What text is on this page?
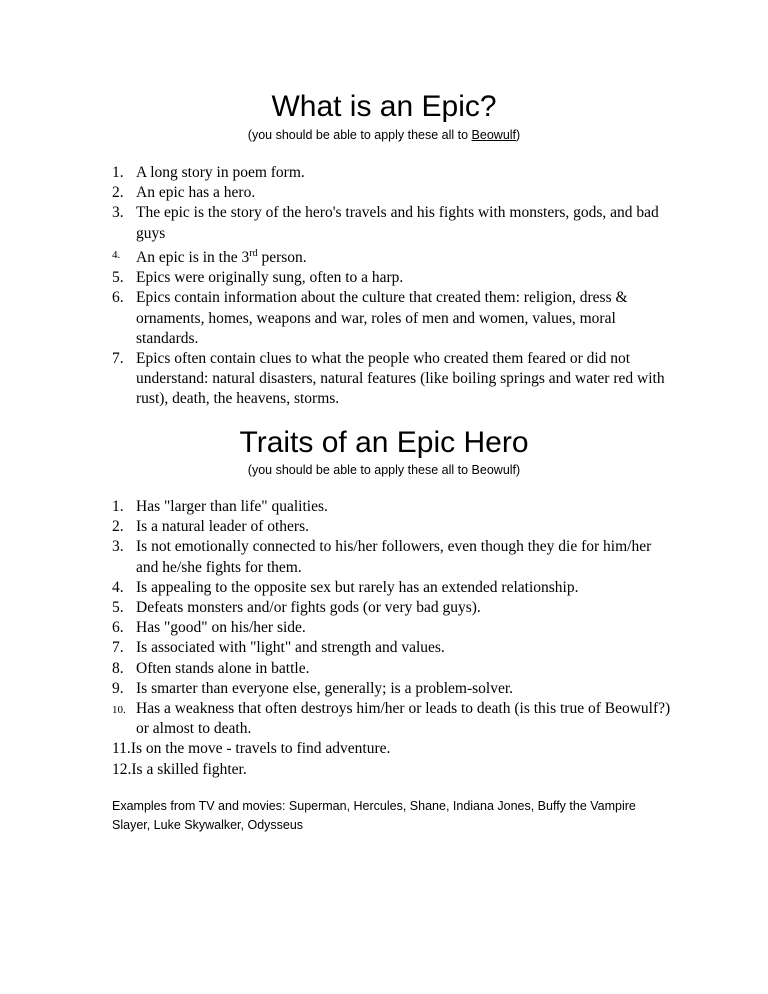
What is an Epic?

(you should be able to apply these all to Beowulf)

1. A long story in poem form.
2. An epic has a hero.
3. The epic is the story of the hero's travels and his fights with monsters, gods, and bad guys
4. An epic is in the 3rd person.
5. Epics were originally sung, often to a harp.
6. Epics contain information about the culture that created them: religion, dress & ornaments, homes, weapons and war, roles of men and women, values, moral standards.
7. Epics often contain clues to what the people who created them feared or did not understand: natural disasters, natural features (like boiling springs and water red with rust), death, the heavens, storms.
Traits of an Epic Hero

(you should be able to apply these all to Beowulf)

1. Has "larger than life" qualities.
2. Is a natural leader of others.
3. Is not emotionally connected to his/her followers, even though they die for him/her and he/she fights for them.
4. Is appealing to the opposite sex but rarely has an extended relationship.
5. Defeats monsters and/or fights gods (or very bad guys).
6. Has "good" on his/her side.
7. Is associated with "light" and strength and values.
8. Often stands alone in battle.
9. Is smarter than everyone else, generally; is a problem-solver.
10. Has a weakness that often destroys him/her or leads to death (is this true of Beowulf?) or almost to death.
11.Is on the move - travels to find adventure.
12.Is a skilled fighter.

Examples from TV and movies: Superman, Hercules, Shane, Indiana Jones, Buffy the Vampire Slayer, Luke Skywalker, Odysseus
